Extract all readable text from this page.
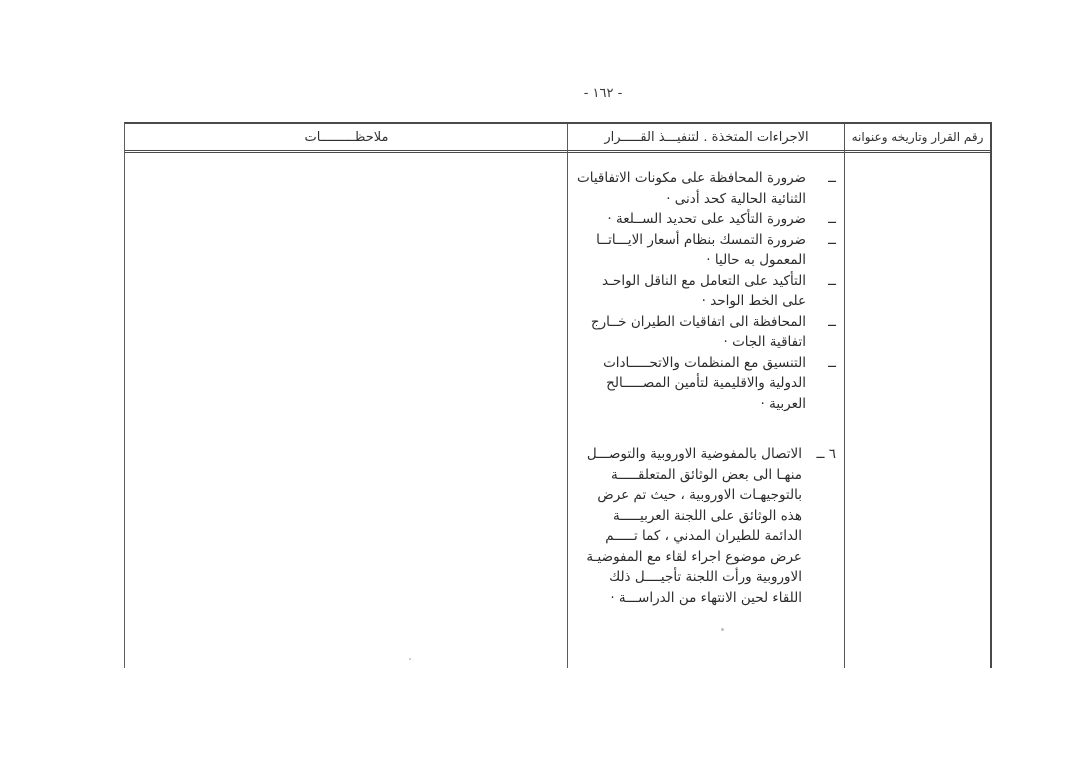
- ١٦٢ -
رقم القرار وتاريخه وعنوانه
الاجراءات المتخذة . لتنفيـــذ القـــــرار
ملاحظـــــــــات
ــ
ضرورة المحافظة على مكونات الاتفاقيات
الثنائية الحالية كحد أدنى ·
ــ
ضرورة التأكيد على تحديد الســلعة ·
ــ
ضرورة التمسك بنظام أسعار الايـــاتــا
المعمول به حاليا ·
ــ
التأكيد على التعامل مع الناقل الواحـد
على الخط الواحد ·
ــ
المحافظة الى اتفاقيات الطيران خــارج
اتفاقية الجات ·
ــ
التنسيق مع المنظمات والاتحـــــادات
الدولية والاقليمية لتأمين المصـــــالح
العربية ·
٦ ــ
الاتصال بالمفوضية الاوروبية والتوصـــل
منهـا الى بعض الوثائق المتعلقـــــة
بالتوجيهـات الاوروبية ، حيث تم عرض
هذه الوثائق على اللجنة العربيـــــة
الدائمة للطيران المدني ، كما تـــــم
عرض موضوع اجراء لقاء مع المفوضيـة
الاوروبية ورأت اللجنة تأجيــــل ذلك
اللقاء لحين الانتهاء من الدراســـة ·
